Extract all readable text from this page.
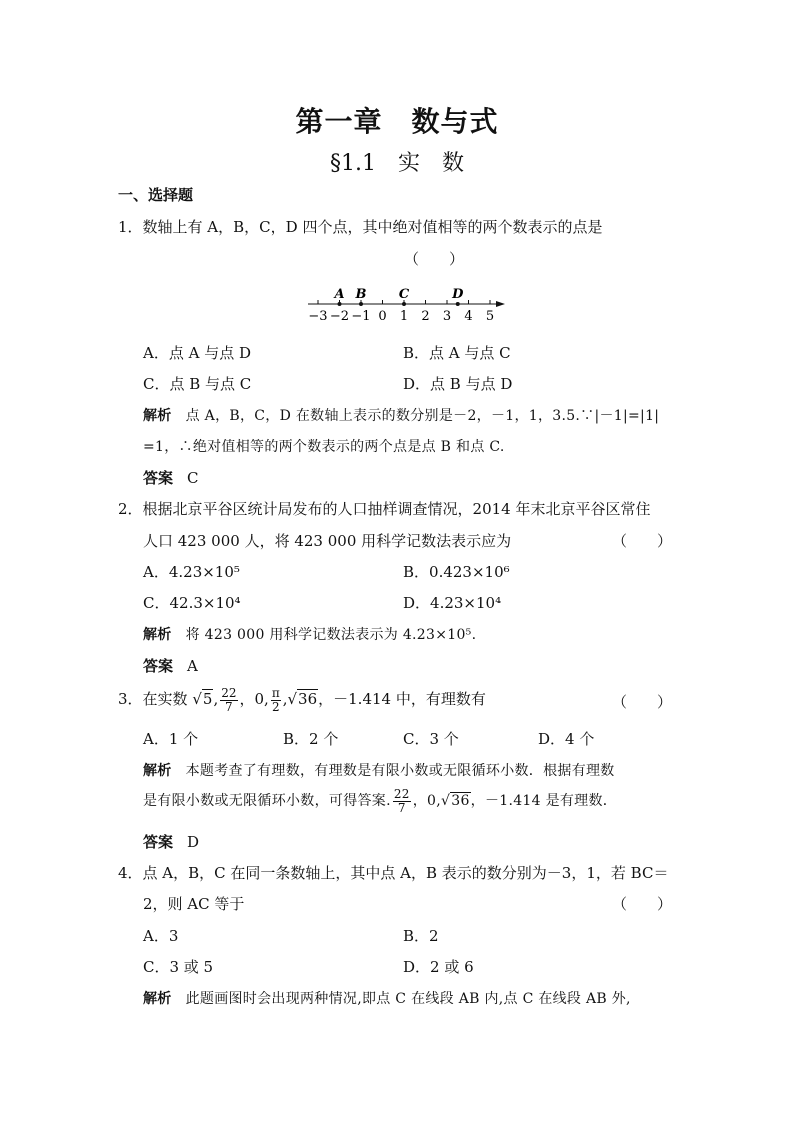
第一章　数与式
§1.1　实　数
一、选择题
1．数轴上有 A，B，C，D 四个点，其中绝对值相等的两个数表示的点是
（　　）
−3 −2 −1 0 1 2 3 4 5
A B C	D
A．点 A 与点 D	B．点 A 与点 C
C．点 B 与点 C	D．点 B 与点 D
解析 点 A，B，C，D 在数轴上表示的数分别是－2，－1，1，3.5.∵|－1|=|1|
=1，∴绝对值相等的两个数表示的两个点是点 B 和点 C.
答案 C
2．根据北京平谷区统计局发布的人口抽样调查情况，2014 年末北京平谷区常住
人口 423 000 人，将 423 000 用科学记数法表示应为	（　　）
A．4.23×10⁵	B．0.423×10⁶
C．42.3×10⁴	D．4.23×10⁴
解析 将 423 000 用科学记数法表示为 4.23×10⁵.
答案 A
3．在实数 √5, $\frac{22}{7}$ ，0, $\frac{\pi}{2} ,√36$，－1.414 中，有理数有	（　　）
A．1 个	B．2 个	C．3 个	D．4 个
解析 本题考查了有理数，有理数是有限小数或无限循环小数．根据有理数
是有限小数或无限循环小数，可得答案. $\frac{22}{7}$ ，0,√36，－1.414 是有理数．
答案 D
4．点 A，B，C 在同一条数轴上，其中点 A，B 表示的数分别为－3，1，若 BC＝
2，则 AC 等于	（　　）
A．3	B．2
C．3 或 5	D．2 或 6
解析 此题画图时会出现两种情况,即点 C 在线段 AB 内,点 C 在线段 AB 外,
